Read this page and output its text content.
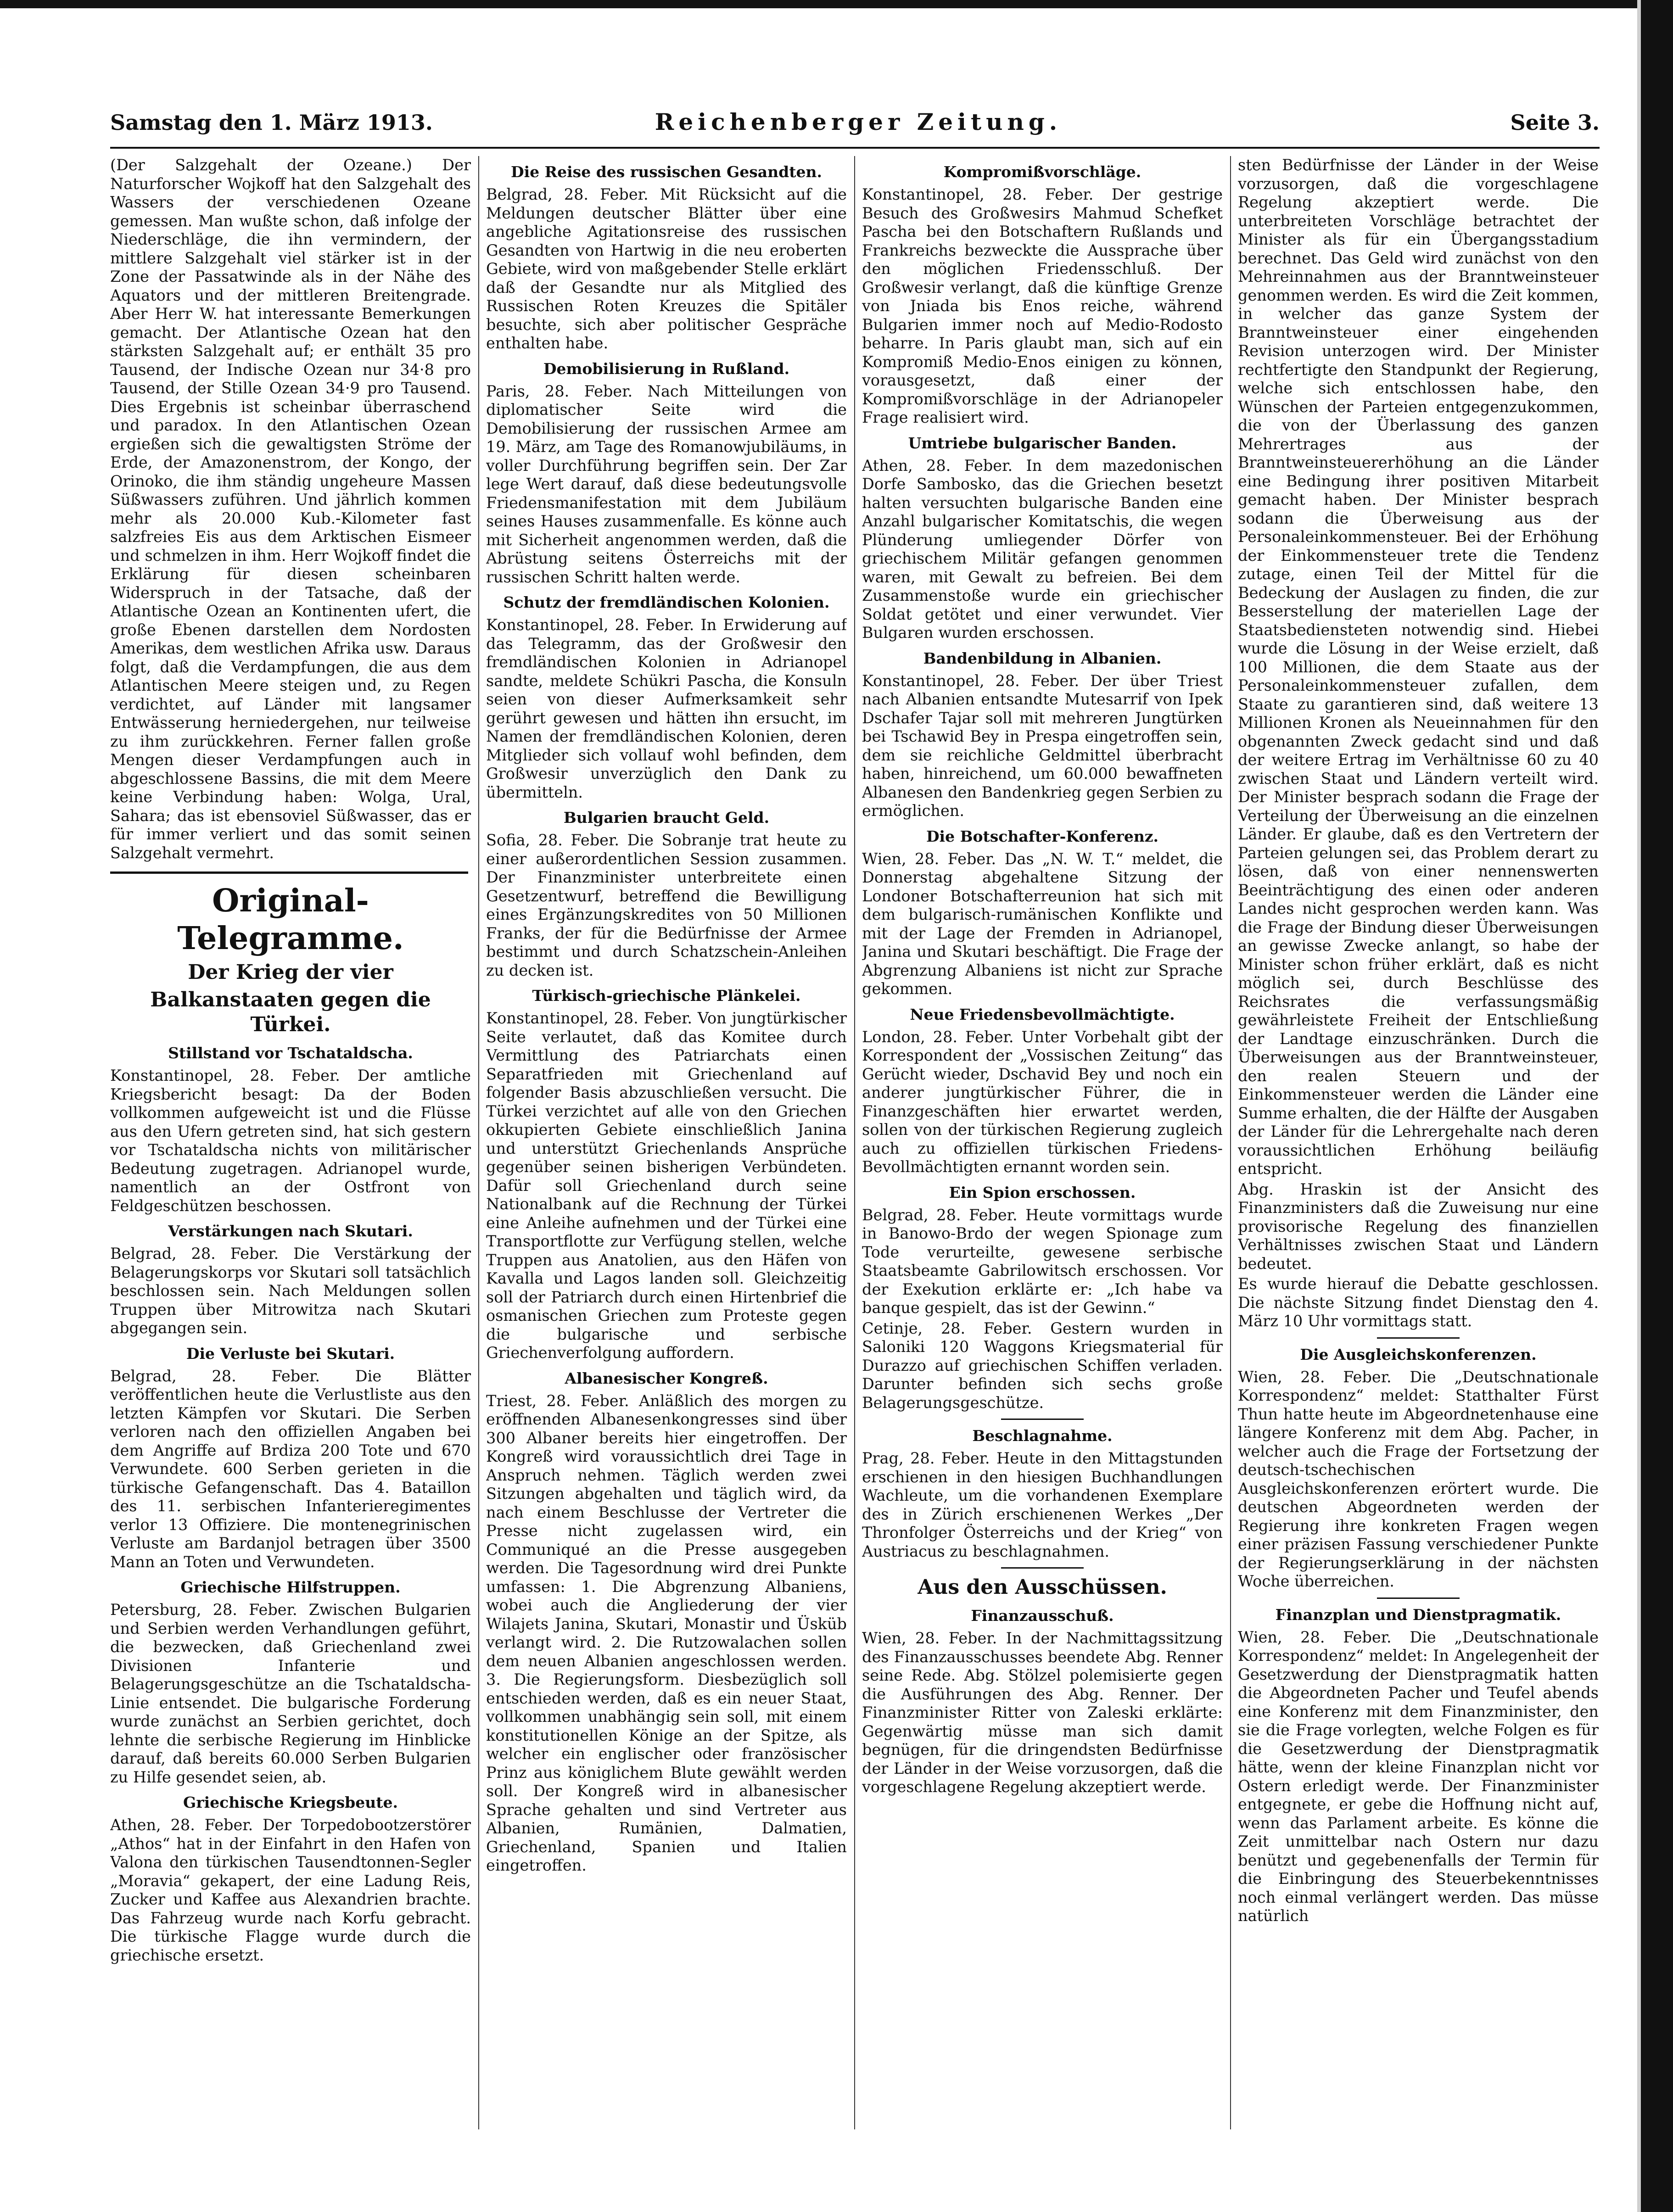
Samstag den 1. März 1913.	Reichenberger Zeitung.	Seite 3.

(Der Salzgehalt der Ozeane.) Der Naturforscher Wojkoff hat den Salzgehalt des Wassers der verschiedenen Ozeane gemessen. Man wußte schon, daß infolge der Niederschläge, die ihn vermindern, der mittlere Salzgehalt viel stärker ist in der Zone der Passatwinde als in der Nähe des Aquators und der mittleren Breitengrade. Aber Herr W. hat interessante Bemerkungen gemacht. Der Atlantische Ozean hat den stärksten Salzgehalt auf; er enthält 35 pro Tausend, der Indische Ozean nur 34·8 pro Tausend, der Stille Ozean 34·9 pro Tausend. Dies Ergebnis ist scheinbar überraschend und paradox. In den Atlantischen Ozean ergießen sich die gewaltigsten Ströme der Erde, der Amazonenstrom, der Kongo, der Orinoko, die ihm ständig ungeheure Massen Süßwassers zuführen. Und jährlich kommen mehr als 20.000 Kub.-Kilometer fast salzfreies Eis aus dem Arktischen Eismeer und schmelzen in ihm. Herr Wojkoff findet die Erklärung für diesen scheinbaren Widerspruch in der Tatsache, daß der Atlantische Ozean an Kontinenten ufert, die große Ebenen darstellen dem Nordosten Amerikas, dem westlichen Afrika usw. Daraus folgt, daß die Verdampfungen, die aus dem Atlantischen Meere steigen und, zu Regen verdichtet, auf Länder mit langsamer Entwässerung herniedergehen, nur teilweise zu ihm zurückkehren. Ferner fallen große Mengen dieser Verdampfungen auch in abgeschlossene Bassins, die mit dem Meere keine Verbindung haben: Wolga, Ural, Sahara; das ist ebensoviel Süßwasser, das er für immer verliert und das somit seinen Salzgehalt vermehrt.

Original-Telegramme.
Der Krieg der vier
Balkanstaaten gegen die Türkei.
Stillstand vor Tschataldscha.

Konstantinopel, 28. Feber. Der amtliche Kriegsbericht besagt: Da der Boden vollkommen aufgeweicht ist und die Flüsse aus den Ufern getreten sind, hat sich gestern vor Tschataldscha nichts von militärischer Bedeutung zugetragen. Adrianopel wurde, namentlich an der Ostfront von Feldgeschützen beschossen.

Verstärkungen nach Skutari.

Belgrad, 28. Feber. Die Verstärkung der Belagerungskorps vor Skutari soll tatsächlich beschlossen sein. Nach Meldungen sollen Truppen über Mitrowitza nach Skutari abgegangen sein.

Die Verluste bei Skutari.

Belgrad, 28. Feber. Die Blätter veröffentlichen heute die Verlustliste aus den letzten Kämpfen vor Skutari. Die Serben verloren nach den offiziellen Angaben bei dem Angriffe auf Brdiza 200 Tote und 670 Verwundete. 600 Serben gerieten in die türkische Gefangenschaft. Das 4. Bataillon des 11. serbischen Infanterieregimentes verlor 13 Offiziere. Die montenegrinischen Verluste am Bardanjol betragen über 3500 Mann an Toten und Verwundeten.

Griechische Hilfstruppen.

Petersburg, 28. Feber. Zwischen Bulgarien und Serbien werden Verhandlungen geführt, die bezwecken, daß Griechenland zwei Divisionen Infanterie und Belagerungsgeschütze an die Tschataldscha-Linie entsendet. Die bulgarische Forderung wurde zunächst an Serbien gerichtet, doch lehnte die serbische Regierung im Hinblicke darauf, daß bereits 60.000 Serben Bulgarien zu Hilfe gesendet seien, ab.

Griechische Kriegsbeute.

Athen, 28. Feber. Der Torpedobootzerstörer „Athos“ hat in der Einfahrt in den Hafen von Valona den türkischen Tausendtonnen-Segler „Moravia“ gekapert, der eine Ladung Reis, Zucker und Kaffee aus Alexandrien brachte. Das Fahrzeug wurde nach Korfu gebracht. Die türkische Flagge wurde durch die griechische ersetzt.

Die Reise des russischen Gesandten.

Belgrad, 28. Feber. Mit Rücksicht auf die Meldungen deutscher Blätter über eine angebliche Agitationsreise des russischen Gesandten von Hartwig in die neu eroberten Gebiete, wird von maßgebender Stelle erklärt daß der Gesandte nur als Mitglied des Russischen Roten Kreuzes die Spitäler besuchte, sich aber politischer Gespräche enthalten habe.

Demobilisierung in Rußland.

Paris, 28. Feber. Nach Mitteilungen von diplomatischer Seite wird die Demobilisierung der russischen Armee am 19. März, am Tage des Romanowjubiläums, in voller Durchführung begriffen sein. Der Zar lege Wert darauf, daß diese bedeutungsvolle Friedensmanifestation mit dem Jubiläum seines Hauses zusammenfalle. Es könne auch mit Sicherheit angenommen werden, daß die Abrüstung seitens Österreichs mit der russischen Schritt halten werde.

Schutz der fremdländischen Kolonien.

Konstantinopel, 28. Feber. In Erwiderung auf das Telegramm, das der Großwesir den fremdländischen Kolonien in Adrianopel sandte, meldete Schükri Pascha, die Konsuln seien von dieser Aufmerksamkeit sehr gerührt gewesen und hätten ihn ersucht, im Namen der fremdländischen Kolonien, deren Mitglieder sich vollauf wohl befinden, dem Großwesir unverzüglich den Dank zu übermitteln.

Bulgarien braucht Geld.

Sofia, 28. Feber. Die Sobranje trat heute zu einer außerordentlichen Session zusammen. Der Finanzminister unterbreitete einen Gesetzentwurf, betreffend die Bewilligung eines Ergänzungskredites von 50 Millionen Franks, der für die Bedürfnisse der Armee bestimmt und durch Schatzschein-Anleihen zu decken ist.

Türkisch-griechische Plänkelei.

Konstantinopel, 28. Feber. Von jungtürkischer Seite verlautet, daß das Komitee durch Vermittlung des Patriarchats einen Separatfrieden mit Griechenland auf folgender Basis abzuschließen versucht. Die Türkei verzichtet auf alle von den Griechen okkupierten Gebiete einschließlich Janina und unterstützt Griechenlands Ansprüche gegenüber seinen bisherigen Verbündeten. Dafür soll Griechenland durch seine Nationalbank auf die Rechnung der Türkei eine Anleihe aufnehmen und der Türkei eine Transportflotte zur Verfügung stellen, welche Truppen aus Anatolien, aus den Häfen von Kavalla und Lagos landen soll. Gleichzeitig soll der Patriarch durch einen Hirtenbrief die osmanischen Griechen zum Proteste gegen die bulgarische und serbische Griechenverfolgung auffordern.

Albanesischer Kongreß.

Triest, 28. Feber. Anläßlich des morgen zu eröffnenden Albanesenkongresses sind über 300 Albaner bereits hier eingetroffen. Der Kongreß wird voraussichtlich drei Tage in Anspruch nehmen. Täglich werden zwei Sitzungen abgehalten und täglich wird, da nach einem Beschlusse der Vertreter die Presse nicht zugelassen wird, ein Communiqué an die Presse ausgegeben werden. Die Tagesordnung wird drei Punkte umfassen: 1. Die Abgrenzung Albaniens, wobei auch die Angliederung der vier Wilajets Janina, Skutari, Monastir und Üsküb verlangt wird. 2. Die Rutzowalachen sollen dem neuen Albanien angeschlossen werden. 3. Die Regierungsform. Diesbezüglich soll entschieden werden, daß es ein neuer Staat, vollkommen unabhängig sein soll, mit einem konstitutionellen Könige an der Spitze, als welcher ein englischer oder französischer Prinz aus königlichem Blute gewählt werden soll. Der Kongreß wird in albanesischer Sprache gehalten und sind Vertreter aus Albanien, Rumänien, Dalmatien, Griechenland, Spanien und Italien eingetroffen.

Kompromißvorschläge.

Konstantinopel, 28. Feber. Der gestrige Besuch des Großwesirs Mahmud Schefket Pascha bei den Botschaftern Rußlands und Frankreichs bezweckte die Aussprache über den möglichen Friedensschluß. Der Großwesir verlangt, daß die künftige Grenze von Jniada bis Enos reiche, während Bulgarien immer noch auf Medio-Rodosto beharre. In Paris glaubt man, sich auf ein Kompromiß Medio-Enos einigen zu können, vorausgesetzt, daß einer der Kompromißvorschläge in der Adrianopeler Frage realisiert wird.

Umtriebe bulgarischer Banden.

Athen, 28. Feber. In dem mazedonischen Dorfe Sambosko, das die Griechen besetzt halten versuchten bulgarische Banden eine Anzahl bulgarischer Komitatschis, die wegen Plünderung umliegender Dörfer von griechischem Militär gefangen genommen waren, mit Gewalt zu befreien. Bei dem Zusammenstoße wurde ein griechischer Soldat getötet und einer verwundet. Vier Bulgaren wurden erschossen.

Bandenbildung in Albanien.

Konstantinopel, 28. Feber. Der über Triest nach Albanien entsandte Mutesarrif von Ipek Dschafer Tajar soll mit mehreren Jungtürken bei Tschawid Bey in Prespa eingetroffen sein, dem sie reichliche Geldmittel überbracht haben, hinreichend, um 60.000 bewaffneten Albanesen den Bandenkrieg gegen Serbien zu ermöglichen.

Die Botschafter-Konferenz.

Wien, 28. Feber. Das „N. W. T.“ meldet, die Donnerstag abgehaltene Sitzung der Londoner Botschafterreunion hat sich mit dem bulgarisch-rumänischen Konflikte und mit der Lage der Fremden in Adrianopel, Janina und Skutari beschäftigt. Die Frage der Abgrenzung Albaniens ist nicht zur Sprache gekommen.

Neue Friedensbevollmächtigte.

London, 28. Feber. Unter Vorbehalt gibt der Korrespondent der „Vossischen Zeitung“ das Gerücht wieder, Dschavid Bey und noch ein anderer jungtürkischer Führer, die in Finanzgeschäften hier erwartet werden, sollen von der türkischen Regierung zugleich auch zu offiziellen türkischen Friedens-Bevollmächtigten ernannt worden sein.

Ein Spion erschossen.

Belgrad, 28. Feber. Heute vormittags wurde in Banowo-Brdo der wegen Spionage zum Tode verurteilte, gewesene serbische Staatsbeamte Gabrilowitsch erschossen. Vor der Exekution erklärte er: „Ich habe va banque gespielt, das ist der Gewinn.“

Cetinje, 28. Feber. Gestern wurden in Saloniki 120 Waggons Kriegsmaterial für Durazzo auf griechischen Schiffen verladen. Darunter befinden sich sechs große Belagerungsgeschütze.

Beschlagnahme.

Prag, 28. Feber. Heute in den Mittagstunden erschienen in den hiesigen Buchhandlungen Wachleute, um die vorhandenen Exemplare des in Zürich erschienenen Werkes „Der Thronfolger Österreichs und der Krieg“ von Austriacus zu beschlagnahmen.

Aus den Ausschüssen.
Finanzausschuß.

Wien, 28. Feber. In der Nachmittagssitzung des Finanzausschusses beendete Abg. Renner seine Rede. Abg. Stölzel polemisierte gegen die Ausführungen des Abg. Renner. Der Finanzminister Ritter von Zaleski erklärte: Gegenwärtig müsse man sich damit begnügen, für die dringendsten Bedürfnisse der Länder in der Weise vorzusorgen, daß die vorgeschlagene Regelung akzeptiert werde.

sten Bedürfnisse der Länder in der Weise vorzusorgen, daß die vorgeschlagene Regelung akzeptiert werde. Die unterbreiteten Vorschläge betrachtet der Minister als für ein Übergangsstadium berechnet. Das Geld wird zunächst von den Mehreinnahmen aus der Branntweinsteuer genommen werden. Es wird die Zeit kommen, in welcher das ganze System der Branntweinsteuer einer eingehenden Revision unterzogen wird. Der Minister rechtfertigte den Standpunkt der Regierung, welche sich entschlossen habe, den Wünschen der Parteien entgegenzukommen, die von der Überlassung des ganzen Mehrertrages aus der Branntweinsteuererhöhung an die Länder eine Bedingung ihrer positiven Mitarbeit gemacht haben. Der Minister besprach sodann die Überweisung aus der Personaleinkommensteuer. Bei der Erhöhung der Einkommensteuer trete die Tendenz zutage, einen Teil der Mittel für die Bedeckung der Auslagen zu finden, die zur Besserstellung der materiellen Lage der Staatsbediensteten notwendig sind. Hiebei wurde die Lösung in der Weise erzielt, daß 100 Millionen, die dem Staate aus der Personaleinkommensteuer zufallen, dem Staate zu garantieren sind, daß weitere 13 Millionen Kronen als Neueinnahmen für den obgenannten Zweck gedacht sind und daß der weitere Ertrag im Verhältnisse 60 zu 40 zwischen Staat und Ländern verteilt wird. Der Minister besprach sodann die Frage der Verteilung der Überweisung an die einzelnen Länder. Er glaube, daß es den Vertretern der Parteien gelungen sei, das Problem derart zu lösen, daß von einer nennenswerten Beeinträchtigung des einen oder anderen Landes nicht gesprochen werden kann. Was die Frage der Bindung dieser Überweisungen an gewisse Zwecke anlangt, so habe der Minister schon früher erklärt, daß es nicht möglich sei, durch Beschlüsse des Reichsrates die verfassungsmäßig gewährleistete Freiheit der Entschließung der Landtage einzuschränken. Durch die Überweisungen aus der Branntweinsteuer, den realen Steuern und der Einkommensteuer werden die Länder eine Summe erhalten, die der Hälfte der Ausgaben der Länder für die Lehrergehalte nach deren voraussichtlichen Erhöhung beiläufig entspricht.

Abg. Hraskin ist der Ansicht des Finanzministers daß die Zuweisung nur eine provisorische Regelung des finanziellen Verhältnisses zwischen Staat und Ländern bedeutet.

Es wurde hierauf die Debatte geschlossen. Die nächste Sitzung findet Dienstag den 4. März 10 Uhr vormittags statt.

Die Ausgleichskonferenzen.

Wien, 28. Feber. Die „Deutschnationale Korrespondenz“ meldet: Statthalter Fürst Thun hatte heute im Abgeordnetenhause eine längere Konferenz mit dem Abg. Pacher, in welcher auch die Frage der Fortsetzung der deutsch-tschechischen Ausgleichskonferenzen erörtert wurde. Die deutschen Abgeordneten werden der Regierung ihre konkreten Fragen wegen einer präzisen Fassung verschiedener Punkte der Regierungserklärung in der nächsten Woche überreichen.

Finanzplan und Dienstpragmatik.

Wien, 28. Feber. Die „Deutschnationale Korrespondenz“ meldet: In Angelegenheit der Gesetzwerdung der Dienstpragmatik hatten die Abgeordneten Pacher und Teufel abends eine Konferenz mit dem Finanzminister, den sie die Frage vorlegten, welche Folgen es für die Gesetzwerdung der Dienstpragmatik hätte, wenn der kleine Finanzplan nicht vor Ostern erledigt werde. Der Finanzminister entgegnete, er gebe die Hoffnung nicht auf, wenn das Parlament arbeite. Es könne die Zeit unmittelbar nach Ostern nur dazu benützt und gegebenenfalls der Termin für die Einbringung des Steuerbekenntnisses noch einmal verlängert werden. Das müsse natürlich
